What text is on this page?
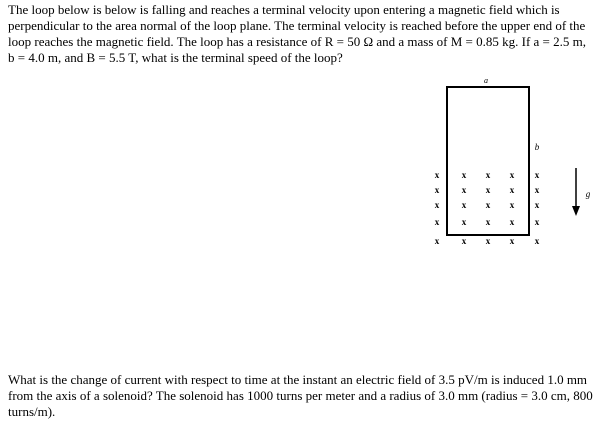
The loop below is below is falling and reaches a terminal velocity upon entering a magnetic field which is perpendicular to the area normal of the loop plane. The terminal velocity is reached before the upper end of the loop reaches the magnetic field. The loop has a resistance of R = 50 Ω and a mass of M = 0.85 kg. If a = 2.5 m, b = 4.0 m, and B = 5.5 T, what is the terminal speed of the loop?

a
b
x	x x x x
x	x x x x
x	x x x x
x	x x x x
x	x x x x
g

What is the change of current with respect to time at the instant an electric field of 3.5 pV/m is induced 1.0 mm from the axis of a solenoid? The solenoid has 1000 turns per meter and a radius of 3.0 mm (radius = 3.0 cm, 800 turns/m).
